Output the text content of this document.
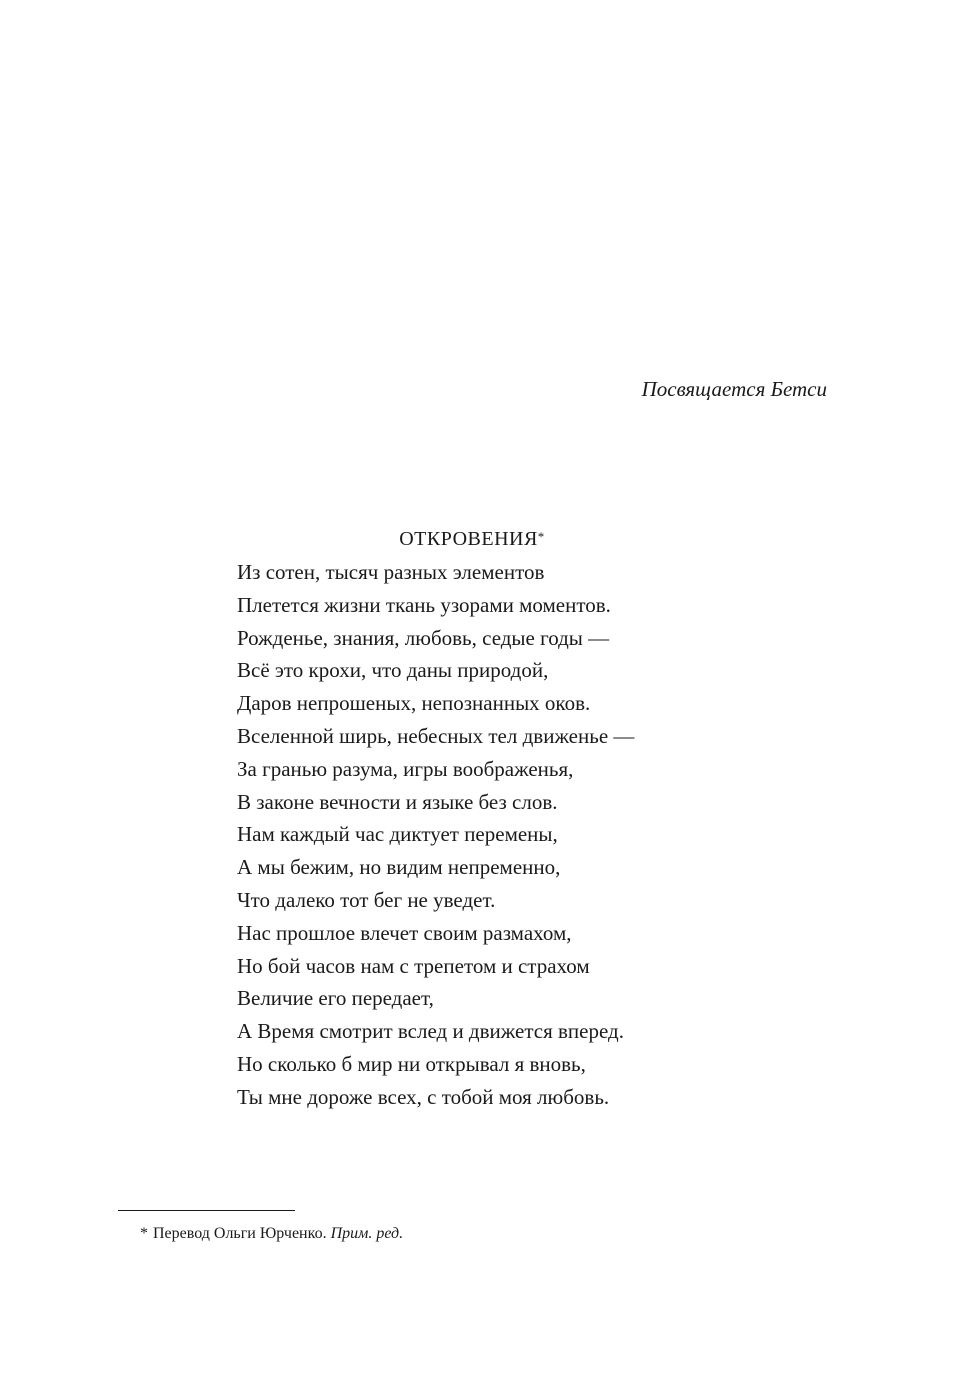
Посвящается Бетси
ОТКРОВЕНИЯ*
Из сотен, тысяч разных элементов
Плетется жизни ткань узорами моментов.
Рожденье, знания, любовь, седые годы —
Всё это крохи, что даны природой,
Даров непрошеных, непознанных оков.
Вселенной ширь, небесных тел движенье —
За гранью разума, игры воображенья,
В законе вечности и языке без слов.
Нам каждый час диктует перемены,
А мы бежим, но видим непременно,
Что далеко тот бег не уведет.
Нас прошлое влечет своим размахом,
Но бой часов нам с трепетом и страхом
Величие его передает,
А Время смотрит вслед и движется вперед.
Но сколько б мир ни открывал я вновь,
Ты мне дороже всех, с тобой моя любовь.
* Перевод Ольги Юрченко. Прим. ред.
